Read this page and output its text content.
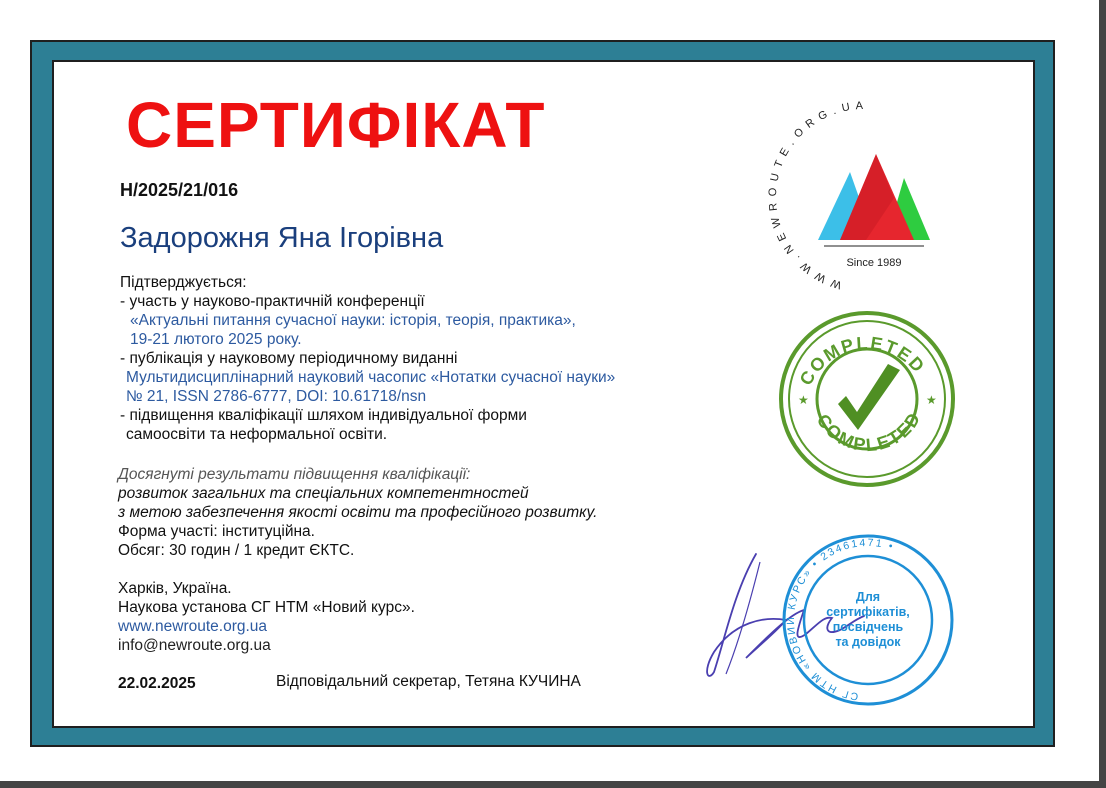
СЕРТИФІКАТ
Н/2025/21/016
Задорожня Яна Ігорівна
Підтверджується:
- участь у науково-практичній конференції
«Актуальні питання сучасної науки: історія, теорія, практика»,
19-21 лютого 2025 року.
- публікація у науковому періодичному виданні
Мультидисциплінарний науковий часопис «Нотатки сучасної науки»
№ 21, ISSN 2786-6777, DOI: 10.61718/nsn
- підвищення кваліфікації шляхом індивідуальної форми
самоосвіти та неформальної освіти.
Досягнуті результати підвищення кваліфікації:
розвиток загальних та спеціальних компетентностей
з метою забезпечення якості освіти та професійного розвитку.
Форма участі: інституційна.
Обсяг: 30 годин / 1 кредит ЄКТС.
Харків, Україна.
Наукова установа СГ НТМ «Новий курс».
www.newroute.org.ua
info@newroute.org.ua
22.02.2025	Відповідальний секретар, Тетяна КУЧИНА
W W W . N E W R O U T E . O R G . U A
Since 1989
COMPLETED
COMPLETED
★	★
СГ НТМ «НОВИЙ КУРС» • 23461471 •
Для
сертифікатів,
посвідчень
та довідок
